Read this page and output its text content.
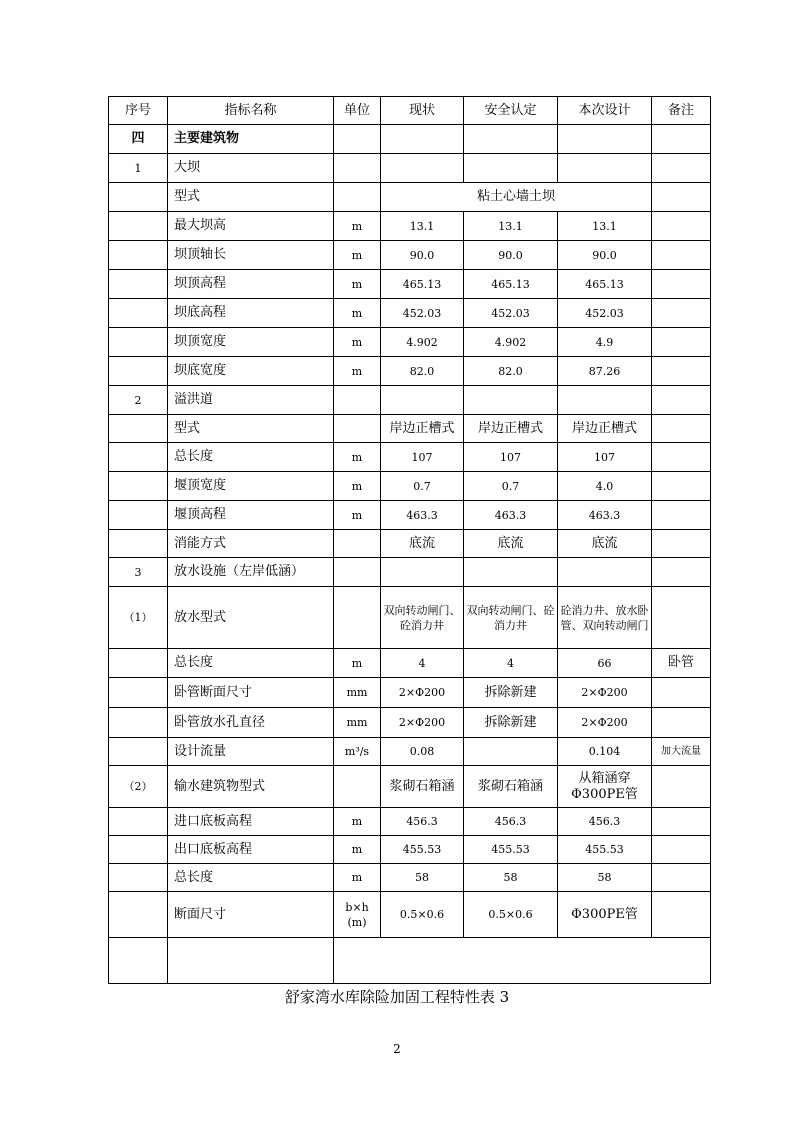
序号	指标名称	单位	现状	安全认定	本次设计	备注
四	主要建筑物					
1	大坝					
	型式		粘土心墙土坝			
	最大坝高	m	13.1	13.1	13.1	
	坝顶轴长	m	90.0	90.0	90.0	
	坝顶高程	m	465.13	465.13	465.13	
	坝底高程	m	452.03	452.03	452.03	
	坝顶宽度	m	4.902	4.902	4.9	
	坝底宽度	m	82.0	82.0	87.26	
2	溢洪道					
	型式		岸边正槽式	岸边正槽式	岸边正槽式	
	总长度	m	107	107	107	
	堰顶宽度	m	0.7	0.7	4.0	
	堰顶高程	m	463.3	463.3	463.3	
	消能方式		底流	底流	底流	
3	放水设施（左岸低涵）					
（1）	放水型式		双向转动闸门、砼消力井	双向转动闸门、砼消力井	砼消力井、放水卧管、双向转动闸门	
	总长度	m	4	4	66	卧管
	卧管断面尺寸	mm	2×Φ200	拆除新建	2×Φ200	
	卧管放水孔直径	mm	2×Φ200	拆除新建	2×Φ200	
	设计流量	m³/s	0.08		0.104	加大流量
（2）	输水建筑物型式		浆砌石箱涵	浆砌石箱涵	从箱涵穿Φ300PE管	
	进口底板高程	m	456.3	456.3	456.3	
	出口底板高程	m	455.53	455.53	455.53	
	总长度	m	58	58	58	
	断面尺寸	b×h (m)	0.5×0.6	0.5×0.6	Φ300PE管	

舒家湾水库除险加固工程特性表 3
2
